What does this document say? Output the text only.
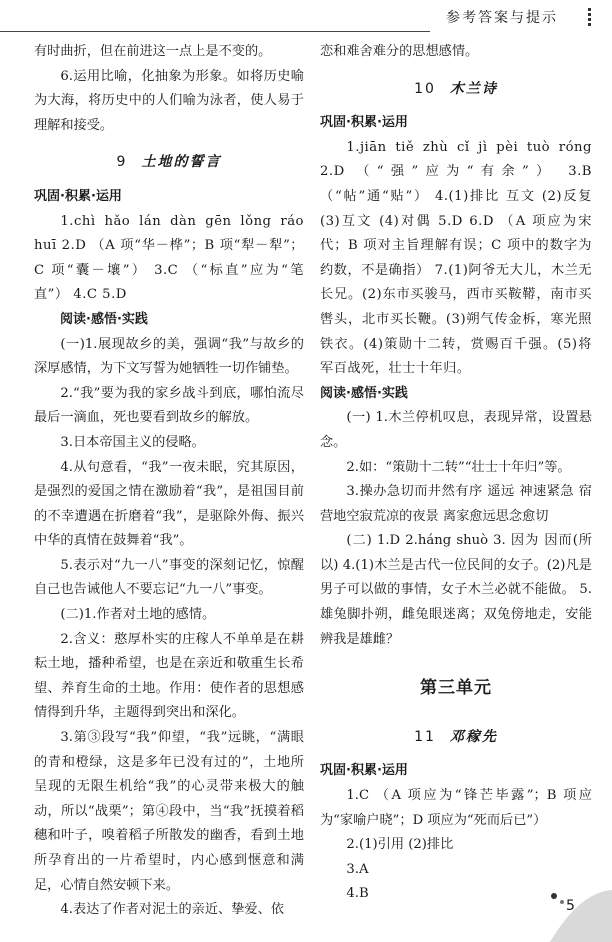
参考答案与提示

有时曲折，但在前进这一点上是不变的。

6.运用比喻，化抽象为形象。如将历史喻为大海，将历史中的人们喻为泳者，使人易于理解和接受。

9 土地的誓言

巩固·积累·运用

1.chì hǎo lán dàn gēn lǒng ráo huī 2.D （A 项“华－桦”；B 项“犁－犁”；C 项“囊－壤”） 3.C （“标直”应为“笔直”） 4.C 5.D

阅读·感悟·实践

(一)1.展现故乡的美，强调“我”与故乡的深厚感情，为下文写誓为她牺牲一切作铺垫。

2.“我”要为我的家乡战斗到底，哪怕流尽最后一滴血，死也要看到故乡的解放。

3.日本帝国主义的侵略。

4.从句意看，“我”一夜未眠，究其原因，是强烈的爱国之情在激励着“我”，是祖国目前的不幸遭遇在折磨着“我”，是驱除外侮、振兴中华的真情在鼓舞着“我”。

5.表示对“九一八”事变的深刻记忆，惊醒自己也告诫他人不要忘记“九一八”事变。

(二)1.作者对土地的感情。

2.含义：憨厚朴实的庄稼人不单单是在耕耘土地，播种希望，也是在亲近和敬重生长希望、养育生命的土地。作用：使作者的思想感情得到升华，主题得到突出和深化。

3.第③段写“我”仰望，“我”远眺，“满眼的青和橙绿，这是多年已没有过的”，土地所呈现的无限生机给“我”的心灵带来极大的触动，所以“战栗”；第④段中，当“我”抚摸着稻穗和叶子，嗅着稻子所散发的幽香，看到土地所孕育出的一片希望时，内心感到惬意和满足，心情自然安顿下来。

4.表达了作者对泥土的亲近、挚爱、依

恋和难舍难分的思想感情。

10 木兰诗

巩固·积累·运用

1.jiān tiě zhù cǐ jì pèi tuò róng 2.D （“强”应为“有余”） 3.B （“帖”通“贴”） 4.(1)排比 互文 (2)反复 (3)互文 (4)对偶 5.D 6.D （A 项应为宋代；B 项对主旨理解有误；C 项中的数字为约数，不是确指） 7.(1)阿爷无大儿，木兰无长兄。(2)东市买骏马，西市买鞍鞯，南市买辔头，北市买长鞭。(3)朔气传金柝，寒光照铁衣。(4)策勋十二转，赏赐百千强。(5)将军百战死，壮士十年归。

阅读·感悟·实践

(一) 1.木兰停机叹息，表现异常，设置悬念。

2.如：“策勋十二转”“壮士十年归”等。

3.操办急切而井然有序 遥远 神速紧急 宿营地空寂荒凉的夜景 离家愈远思念愈切

(二) 1.D 2.háng shuò 3. 因为 因而(所以) 4.(1)木兰是古代一位民间的女子。(2)凡是男子可以做的事情，女子木兰必就不能做。 5.雄兔脚扑朔，雌兔眼迷离；双兔傍地走，安能辨我是雄雌？

第三单元
11 邓稼先

巩固·积累·运用

1.C （A 项应为“锋芒毕露”；B 项应为“家喻户晓”；D 项应为“死而后已”）

2.(1)引用 (2)排比

3.A

4.B

5
